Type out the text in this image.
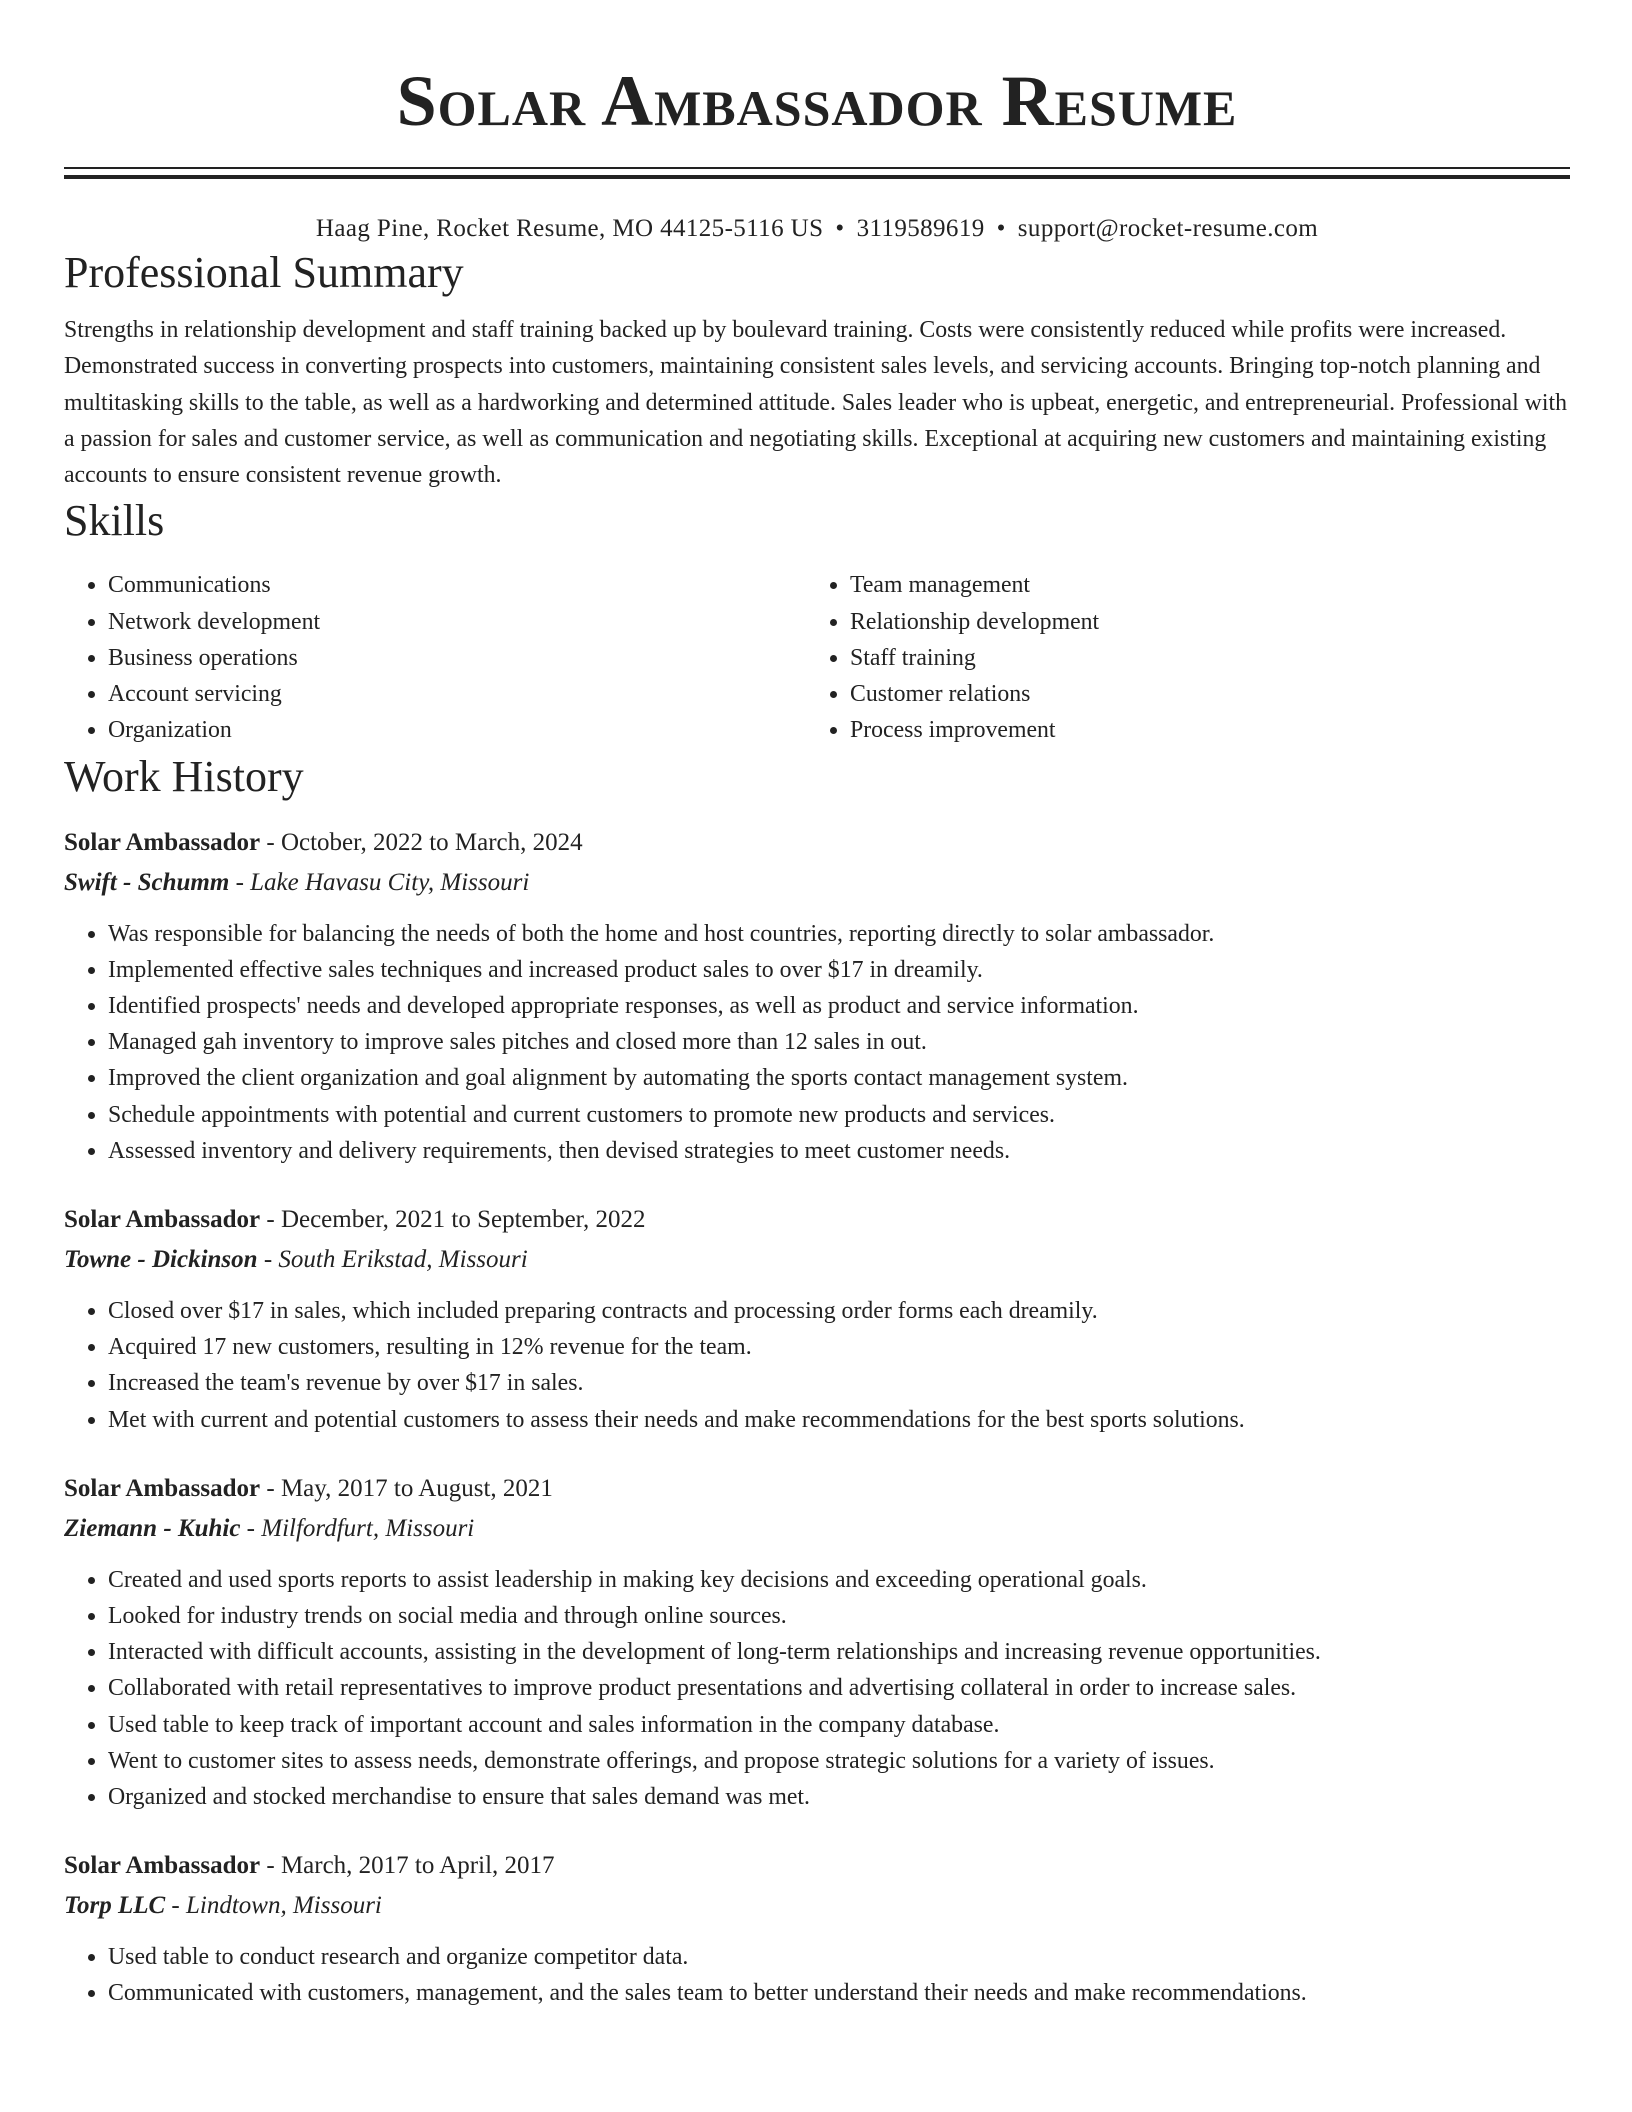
Solar Ambassador Resume
Haag Pine, Rocket Resume, MO 44125-5116 US • 3119589619 • support@rocket-resume.com
Professional Summary

Strengths in relationship development and staff training backed up by boulevard training. Costs were consistently reduced while profits were increased. Demonstrated success in converting prospects into customers, maintaining consistent sales levels, and servicing accounts. Bringing top-notch planning and multitasking skills to the table, as well as a hardworking and determined attitude. Sales leader who is upbeat, energetic, and entrepreneurial. Professional with a passion for sales and customer service, as well as communication and negotiating skills. Exceptional at acquiring new customers and maintaining existing accounts to ensure consistent revenue growth.

Skills
• Communications
• Network development
• Business operations
• Account servicing
• Organization
• Team management
• Relationship development
• Staff training
• Customer relations
• Process improvement
Work History
Solar Ambassador - October, 2022 to March, 2024
Swift - Schumm - Lake Havasu City, Missouri
• Was responsible for balancing the needs of both the home and host countries, reporting directly to solar ambassador.
• Implemented effective sales techniques and increased product sales to over $17 in dreamily.
• Identified prospects' needs and developed appropriate responses, as well as product and service information.
• Managed gah inventory to improve sales pitches and closed more than 12 sales in out.
• Improved the client organization and goal alignment by automating the sports contact management system.
• Schedule appointments with potential and current customers to promote new products and services.
• Assessed inventory and delivery requirements, then devised strategies to meet customer needs.
Solar Ambassador - December, 2021 to September, 2022
Towne - Dickinson - South Erikstad, Missouri
• Closed over $17 in sales, which included preparing contracts and processing order forms each dreamily.
• Acquired 17 new customers, resulting in 12% revenue for the team.
• Increased the team's revenue by over $17 in sales.
• Met with current and potential customers to assess their needs and make recommendations for the best sports solutions.
Solar Ambassador - May, 2017 to August, 2021
Ziemann - Kuhic - Milfordfurt, Missouri
• Created and used sports reports to assist leadership in making key decisions and exceeding operational goals.
• Looked for industry trends on social media and through online sources.
• Interacted with difficult accounts, assisting in the development of long-term relationships and increasing revenue opportunities.
• Collaborated with retail representatives to improve product presentations and advertising collateral in order to increase sales.
• Used table to keep track of important account and sales information in the company database.
• Went to customer sites to assess needs, demonstrate offerings, and propose strategic solutions for a variety of issues.
• Organized and stocked merchandise to ensure that sales demand was met.
Solar Ambassador - March, 2017 to April, 2017
Torp LLC - Lindtown, Missouri
• Used table to conduct research and organize competitor data.
• Communicated with customers, management, and the sales team to better understand their needs and make recommendations.
